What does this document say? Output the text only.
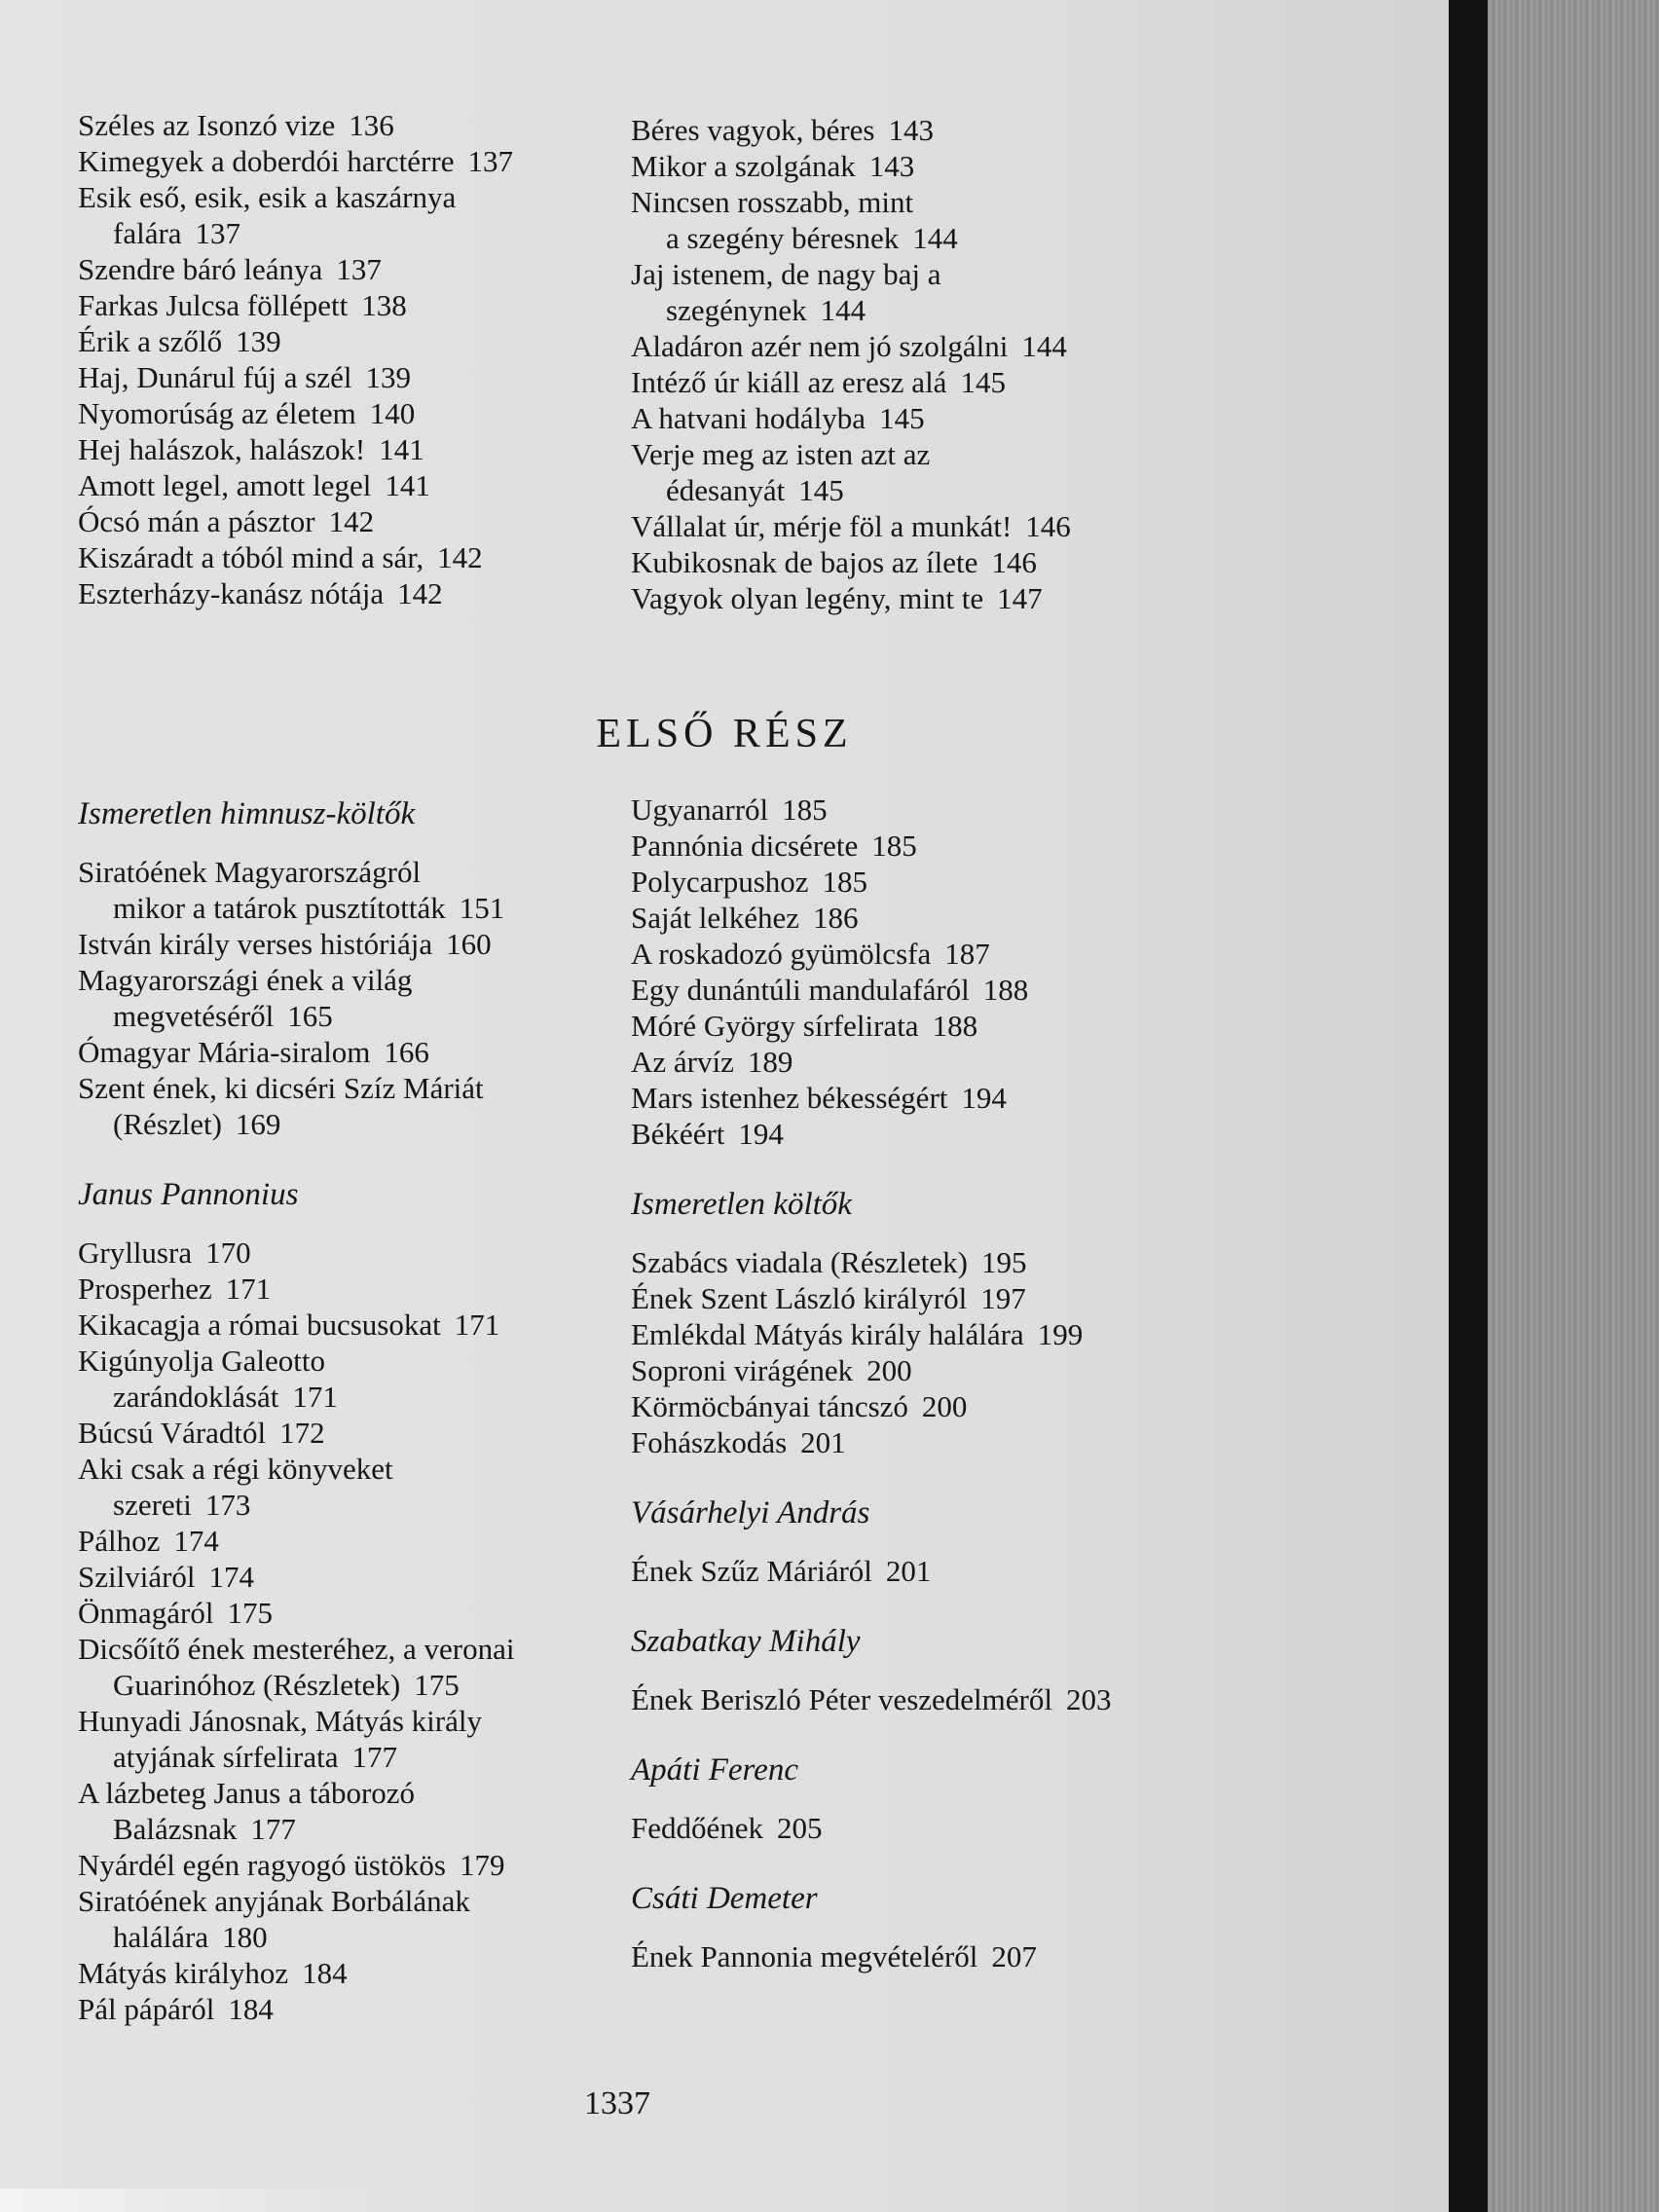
Széles az Isonzó vize 136
Kimegyek a doberdói harctérre 137
Esik eső, esik, esik a kaszárnya
falára 137
Szendre báró leánya 137
Farkas Julcsa föllépett 138
Érik a szőlő 139
Haj, Dunárul fúj a szél 139
Nyomorúság az életem 140
Hej halászok, halászok! 141
Amott legel, amott legel 141
Ócsó mán a pásztor 142
Kiszáradt a tóból mind a sár, 142
Eszterházy-kanász nótája 142
Béres vagyok, béres 143
Mikor a szolgának 143
Nincsen rosszabb, mint
a szegény béresnek 144
Jaj istenem, de nagy baj a
szegénynek 144
Aladáron azér nem jó szolgálni 144
Intéző úr kiáll az eresz alá 145
A hatvani hodályba 145
Verje meg az isten azt az
édesanyát 145
Vállalat úr, mérje föl a munkát! 146
Kubikosnak de bajos az ílete 146
Vagyok olyan legény, mint te 147
ELSŐ RÉSZ
Ismeretlen himnusz-költők
Siratóének Magyarországról
mikor a tatárok pusztították 151
István király verses históriája 160
Magyarországi ének a világ
megvetéséről 165
Ómagyar Mária-siralom 166
Szent ének, ki dicséri Szíz Máriát
(Részlet) 169
Janus Pannonius
Gryllusra 170
Prosperhez 171
Kikacagja a római bucsusokat 171
Kigúnyolja Galeotto
zarándoklását 171
Búcsú Váradtól 172
Aki csak a régi könyveket
szereti 173
Pálhoz 174
Szilviáról 174
Önmagáról 175
Dicsőítő ének mesteréhez, a veronai
Guarinóhoz (Részletek) 175
Hunyadi Jánosnak, Mátyás király
atyjának sírfelirata 177
A lázbeteg Janus a táborozó
Balázsnak 177
Nyárdél egén ragyogó üstökös 179
Siratóének anyjának Borbálának
halálára 180
Mátyás királyhoz 184
Pál pápáról 184
Ugyanarról 185
Pannónia dicsérete 185
Polycarpushoz 185
Saját lelkéhez 186
A roskadozó gyümölcsfa 187
Egy dunántúli mandulafáról 188
Móré György sírfelirata 188
Az árvíz 189
Mars istenhez békességért 194
Békéért 194
Ismeretlen költők
Szabács viadala (Részletek) 195
Ének Szent László királyról 197
Emlékdal Mátyás király halálára 199
Soproni virágének 200
Körmöcbányai táncszó 200
Fohászkodás 201
Vásárhelyi András
Ének Szűz Máriáról 201
Szabatkay Mihály
Ének Beriszló Péter veszedelméről 203
Apáti Ferenc
Feddőének 205
Csáti Demeter
Ének Pannonia megvételéről 207
1337
